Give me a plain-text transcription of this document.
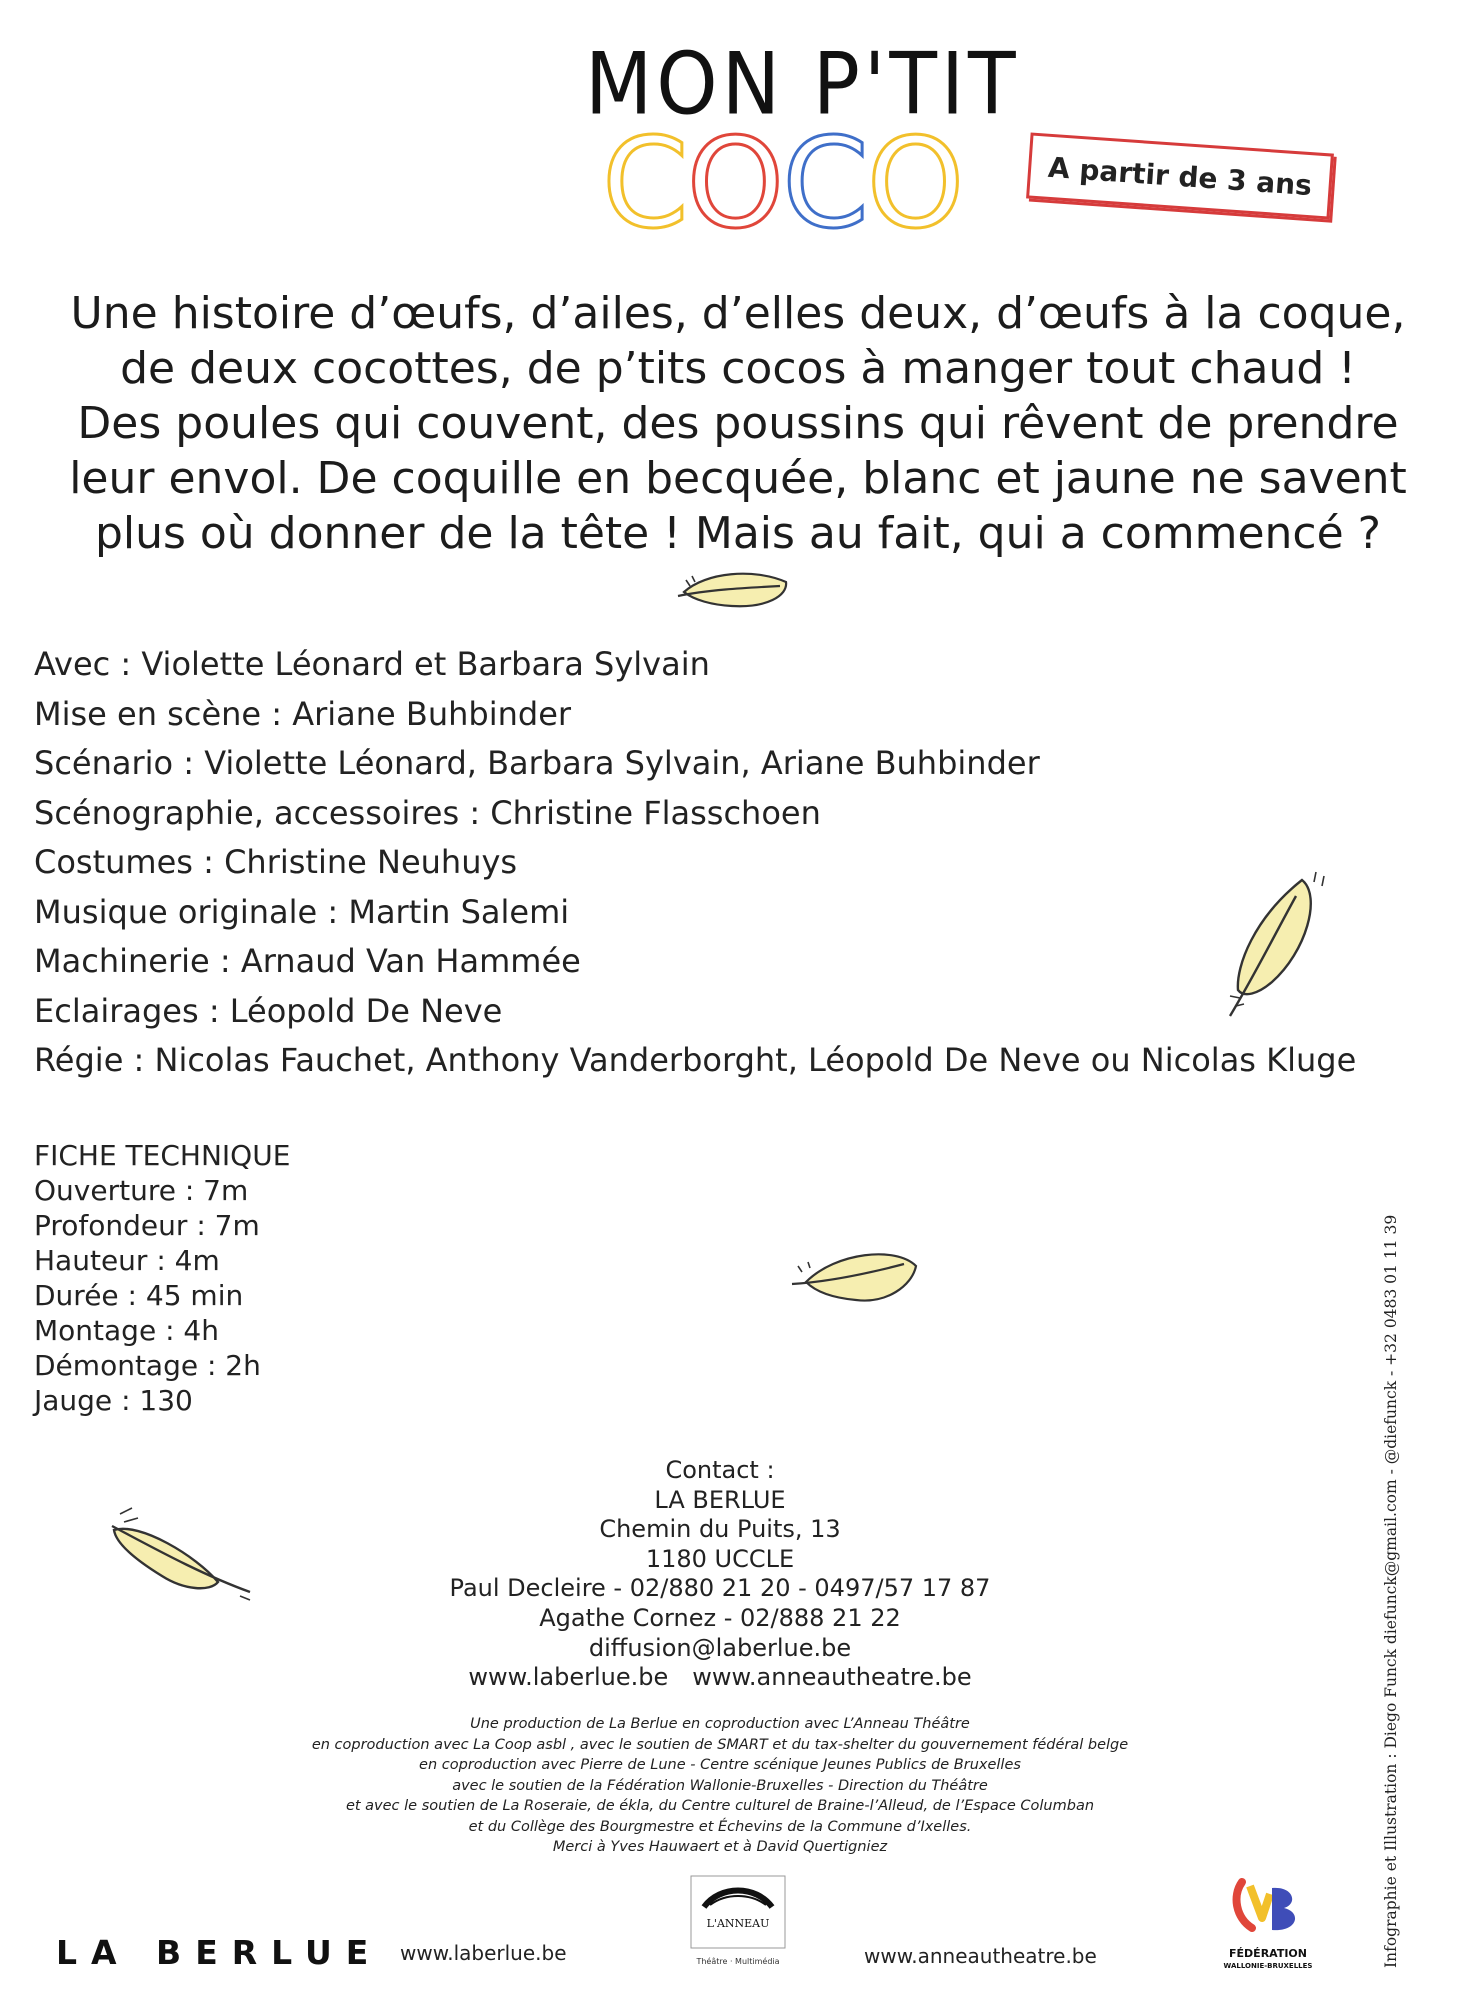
MON P'TIT
COCO	A partir de 3 ans
Une histoire d’œufs, d’ailes, d’elles deux, d’œufs à la coque,
de deux cocottes, de p’tits cocos à manger tout chaud !
Des poules qui couvent, des poussins qui rêvent de prendre
leur envol. De coquille en becquée, blanc et jaune ne savent
plus où donner de la tête ! Mais au fait, qui a commencé ?
Avec : Violette Léonard et Barbara Sylvain
Mise en scène : Ariane Buhbinder
Scénario : Violette Léonard, Barbara Sylvain, Ariane Buhbinder
Scénographie, accessoires : Christine Flasschoen
Costumes : Christine Neuhuys
Musique originale : Martin Salemi
Machinerie : Arnaud Van Hammée
Eclairages : Léopold De Neve
Régie : Nicolas Fauchet, Anthony Vanderborght, Léopold De Neve ou Nicolas Kluge
FICHE TECHNIQUE
Ouverture : 7m
Profondeur : 7m
Hauteur : 4m
Durée : 45 min
Montage : 4h
Démontage : 2h
Jauge : 130
Contact :
LA BERLUE
Chemin du Puits, 13
1180 UCCLE
Paul Decleire - 02/880 21 20 - 0497/57 17 87
Agathe Cornez - 02/888 21 22
diffusion@laberlue.be
www.laberlue.be www.anneautheatre.be
Une production de La Berlue en coproduction avec L’Anneau Théâtre
en coproduction avec La Coop asbl , avec le soutien de SMART et du tax-shelter du gouvernement fédéral belge
en coproduction avec Pierre de Lune - Centre scénique Jeunes Publics de Bruxelles
avec le soutien de la Fédération Wallonie-Bruxelles - Direction du Théâtre
et avec le soutien de La Roseraie, de ékla, du Centre culturel de Braine-l’Alleud, de l’Espace Columban
et du Collège des Bourgmestre et Échevins de la Commune d’Ixelles.
Merci à Yves Hauwaert et à David Quertigniez
LA BERLUE www.laberlue.be
L'ANNEAU
Théâtre · Multimédia	www.anneautheatre.be	FÉDÉRATION
WALLONIE-BRUXELLES	Infographie et Illustration : Diego Funck diefunck@gmail.com - @diefunck - +32 0483 01 11 39
